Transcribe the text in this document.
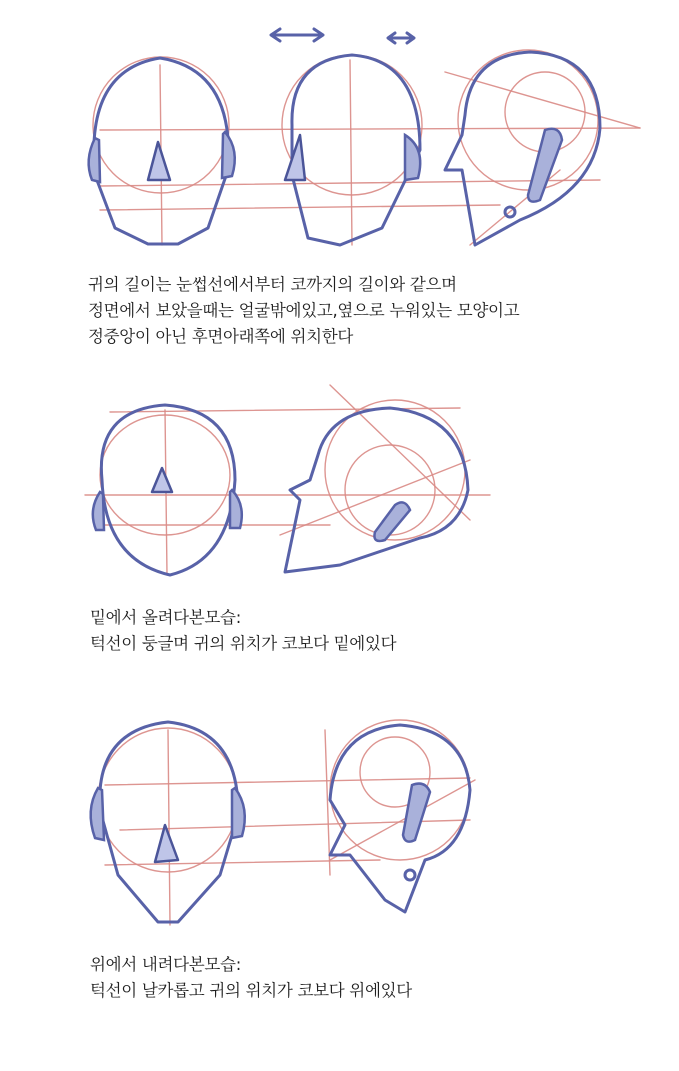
귀의 길이는 눈썹선에서부터 코까지의 길이와 같으며
정면에서 보았을때는 얼굴밖에있고,옆으로 누워있는 모양이고
정중앙이 아닌 후면아래쪽에 위치한다
밑에서 올려다본모습:
턱선이 둥글며 귀의 위치가 코보다 밑에있다
위에서 내려다본모습:
턱선이 날카롭고 귀의 위치가 코보다 위에있다
